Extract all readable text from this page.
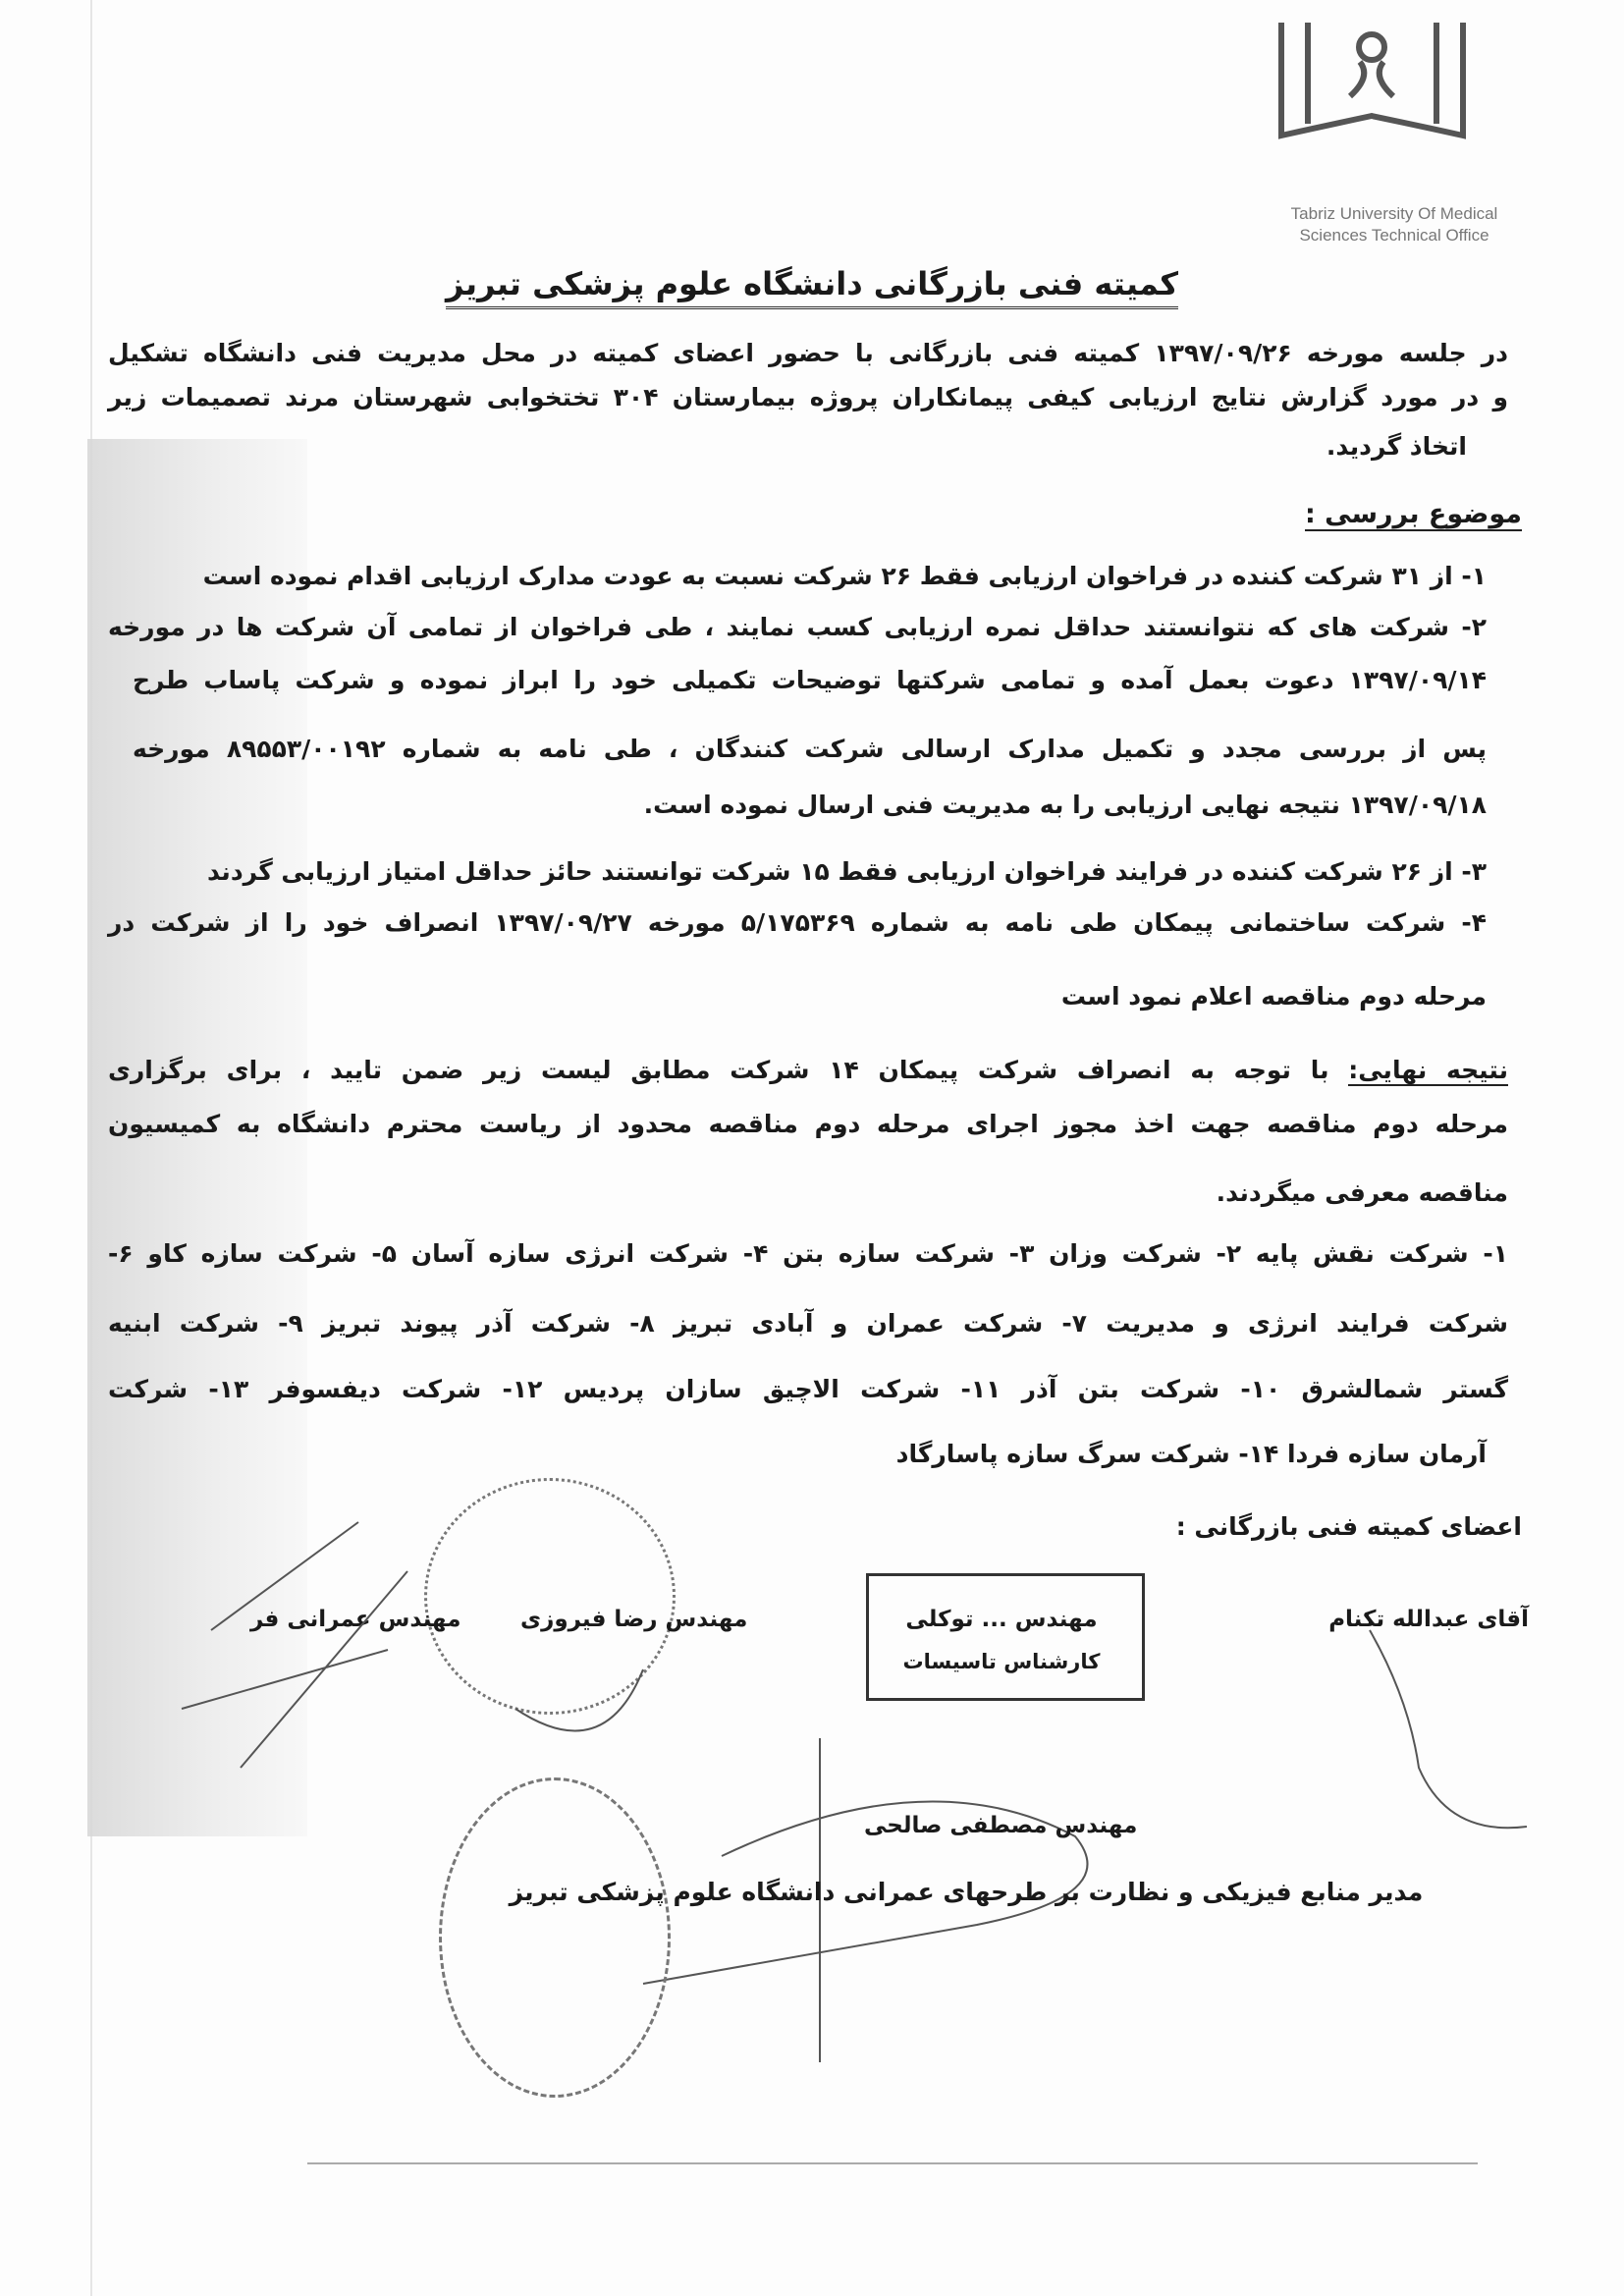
Tabriz University Of Medical Sciences Technical Office
کمیته فنی بازرگانی دانشگاه علوم پزشکی تبریز
در جلسه مورخه ۱۳۹۷/۰۹/۲۶ کمیته فنی بازرگانی با حضور اعضای کمیته در محل مدیریت فنی دانشگاه تشکیل
و در مورد گزارش نتایج ارزیابی کیفی پیمانکاران پروژه بیمارستان ۳۰۴ تختخوابی شهرستان مرند تصمیمات زیر
اتخاذ گردید.
موضوع بررسی :
۱- از ۳۱ شرکت کننده در فراخوان ارزیابی فقط ۲۶ شرکت نسبت به عودت مدارک ارزیابی اقدام نموده است
۲- شرکت های که نتوانستند حداقل نمره ارزیابی کسب نمایند ، طی فراخوان از تمامی آن شرکت ها در مورخه
۱۳۹۷/۰۹/۱۴ دعوت بعمل آمده و تمامی شرکتها توضیحات تکمیلی خود را ابراز نموده و شرکت پاساب طرح
پس از بررسی مجدد و تکمیل مدارک ارسالی شرکت کنندگان ، طی نامه به شماره ۸۹۵۵۳/۰۰۱۹۲ مورخه
۱۳۹۷/۰۹/۱۸ نتیجه نهایی ارزیابی را به مدیریت فنی ارسال نموده است.
۳- از ۲۶ شرکت کننده در فرایند فراخوان ارزیابی فقط ۱۵ شرکت توانستند حائز حداقل امتیاز ارزیابی گردند
۴- شرکت ساختمانی پیمکان طی نامه به شماره ۵/۱۷۵۳۶۹ مورخه ۱۳۹۷/۰۹/۲۷ انصراف خود را از شرکت در
مرحله دوم مناقصه اعلام نمود است
نتیجه نهایی: با توجه به انصراف شرکت پیمکان ۱۴ شرکت مطابق لیست زیر ضمن تایید ، برای برگزاری
مرحله دوم مناقصه جهت اخذ مجوز اجرای مرحله دوم مناقصه محدود از ریاست محترم دانشگاه به کمیسیون
مناقصه معرفی میگردند.
۱- شرکت نقش پایه ۲- شرکت وزان ۳- شرکت سازه بتن ۴- شرکت انرژی سازه آسان ۵- شرکت سازه کاو ۶-
شرکت فرایند انرژی و مدیریت ۷- شرکت عمران و آبادی تبریز ۸- شرکت آذر پیوند تبریز ۹- شرکت ابنیه
گستر شمالشرق ۱۰- شرکت بتن آذر ۱۱- شرکت الاچیق سازان پردیس ۱۲- شرکت دیفسوفر ۱۳- شرکت
آرمان سازه فردا ۱۴- شرکت سرگ سازه پاسارگاد
اعضای کمیته فنی بازرگانی :
آقای عبدالله تکنام
مهندس ... توکلی
کارشناس تاسیسات
مهندس رضا فیروزی
مهندس عمرانی فر
مهندس مصطفی صالحی
مدیر منابع فیزیکی و نظارت بر طرحهای عمرانی دانشگاه علوم پزشکی تبریز
